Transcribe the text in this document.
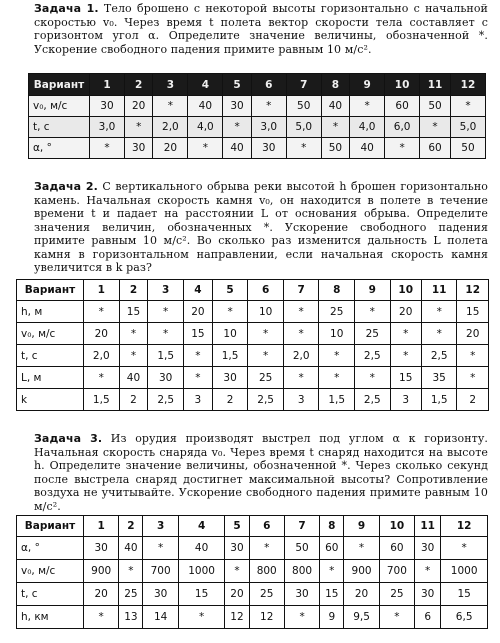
Задача 1. Тело брошено с некоторой высоты горизонтально с начальной скоростью v₀. Через время t полета вектор скорости тела составляет с горизонтом угол α. Определите значение величины, обозначенной *. Ускорение свободного падения примите равным 10 м/с².

Вариант	1	2	3	4	5	6	7	8	9	10	11	12
v₀, м/с	30	20	*	40	30	*	50	40	*	60	50	*
t, с	3,0	*	2,0	4,0	*	3,0	5,0	*	4,0	6,0	*	5,0
α, °	*	30	20	*	40	30	*	50	40	*	60	50

Задача 2. С вертикального обрыва реки высотой h брошен горизонтально камень. Начальная скорость камня v₀, он находится в полете в течение времени t и падает на расстоянии L от основания обрыва. Определите значения величин, обозначенных *. Ускорение свободного падения примите равным 10 м/с². Во сколько раз изменится дальность L полета камня в горизонтальном направлении, если начальная скорость камня увеличится в k раз?

Вариант	1	2	3	4	5	6	7	8	9	10	11	12
h, м	*	15	*	20	*	10	*	25	*	20	*	15
v₀, м/с	20	*	*	15	10	*	*	10	25	*	*	20
t, с	2,0	*	1,5	*	1,5	*	2,0	*	2,5	*	2,5	*
L, м	*	40	30	*	30	25	*	*	*	15	35	*
k	1,5	2	2,5	3	2	2,5	3	1,5	2,5	3	1,5	2

Задача 3. Из орудия производят выстрел под углом α к горизонту. Начальная скорость снаряда v₀. Через время t снаряд находится на высоте h. Определите значение величины, обозначенной *. Через сколько секунд после выстрела снаряд достигнет максимальной высоты? Сопротивление воздуха не учитывайте. Ускорение свободного падения примите равным 10 м/с².

Вариант	1	2	3	4	5	6	7	8	9	10	11	12
α, °	30	40	*	40	30	*	50	60	*	60	30	*
v₀, м/с	900	*	700	1000	*	800	800	*	900	700	*	1000
t, с	20	25	30	15	20	25	30	15	20	25	30	15
h, км	*	13	14	*	12	12	*	9	9,5	*	6	6,5
